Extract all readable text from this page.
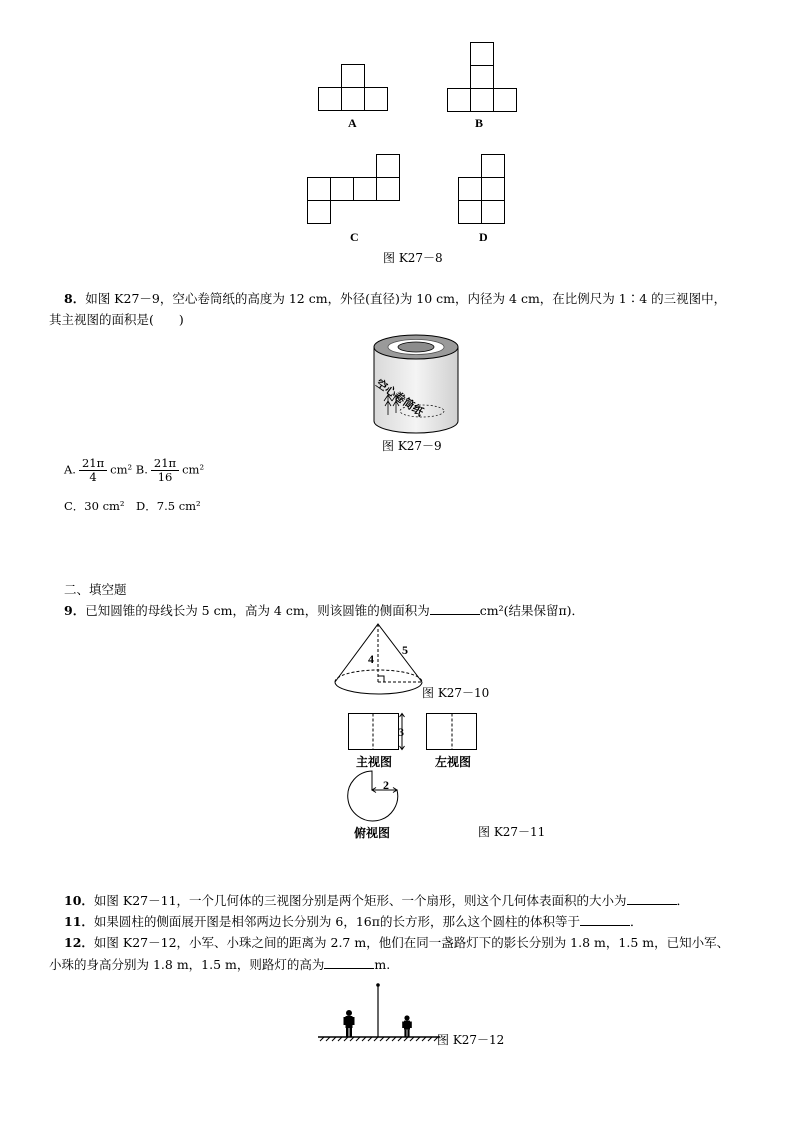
A	B
C	D
图 K27－8
8．如图 K27－9，空心卷筒纸的高度为 12 cm，外径(直径)为 10 cm，内径为 4 cm，在比例尺为 1∶4 的三视图中，
其主视图的面积是(　　)
空心卷筒纸
图 K27－9
A. $\frac{21\pi}{4} cm^2$ B. $\frac{21\pi}{16} cm^2$
C．30 cm²　D．7.5 cm²
二、填空题
9．已知圆锥的母线长为 5 cm，高为 4 cm，则该圆锥的侧面积为	cm²(结果保留π)．
4
5
图 K27－10
3
主视图	左视图
2
俯视图	图 K27－11
10．如图 K27－11，一个几何体的三视图分别是两个矩形、一个扇形，则这个几何体表面积的大小为	．
11．如果圆柱的侧面展开图是相邻两边长分别为 6，16π的长方形，那么这个圆柱的体积等于	．
12．如图 K27－12，小军、小珠之间的距离为 2.7 m，他们在同一盏路灯下的影长分别为 1.8 m，1.5 m，已知小军、
小珠的身高分别为 1.8 m，1.5 m，则路灯的高为	m.
图 K27－12
